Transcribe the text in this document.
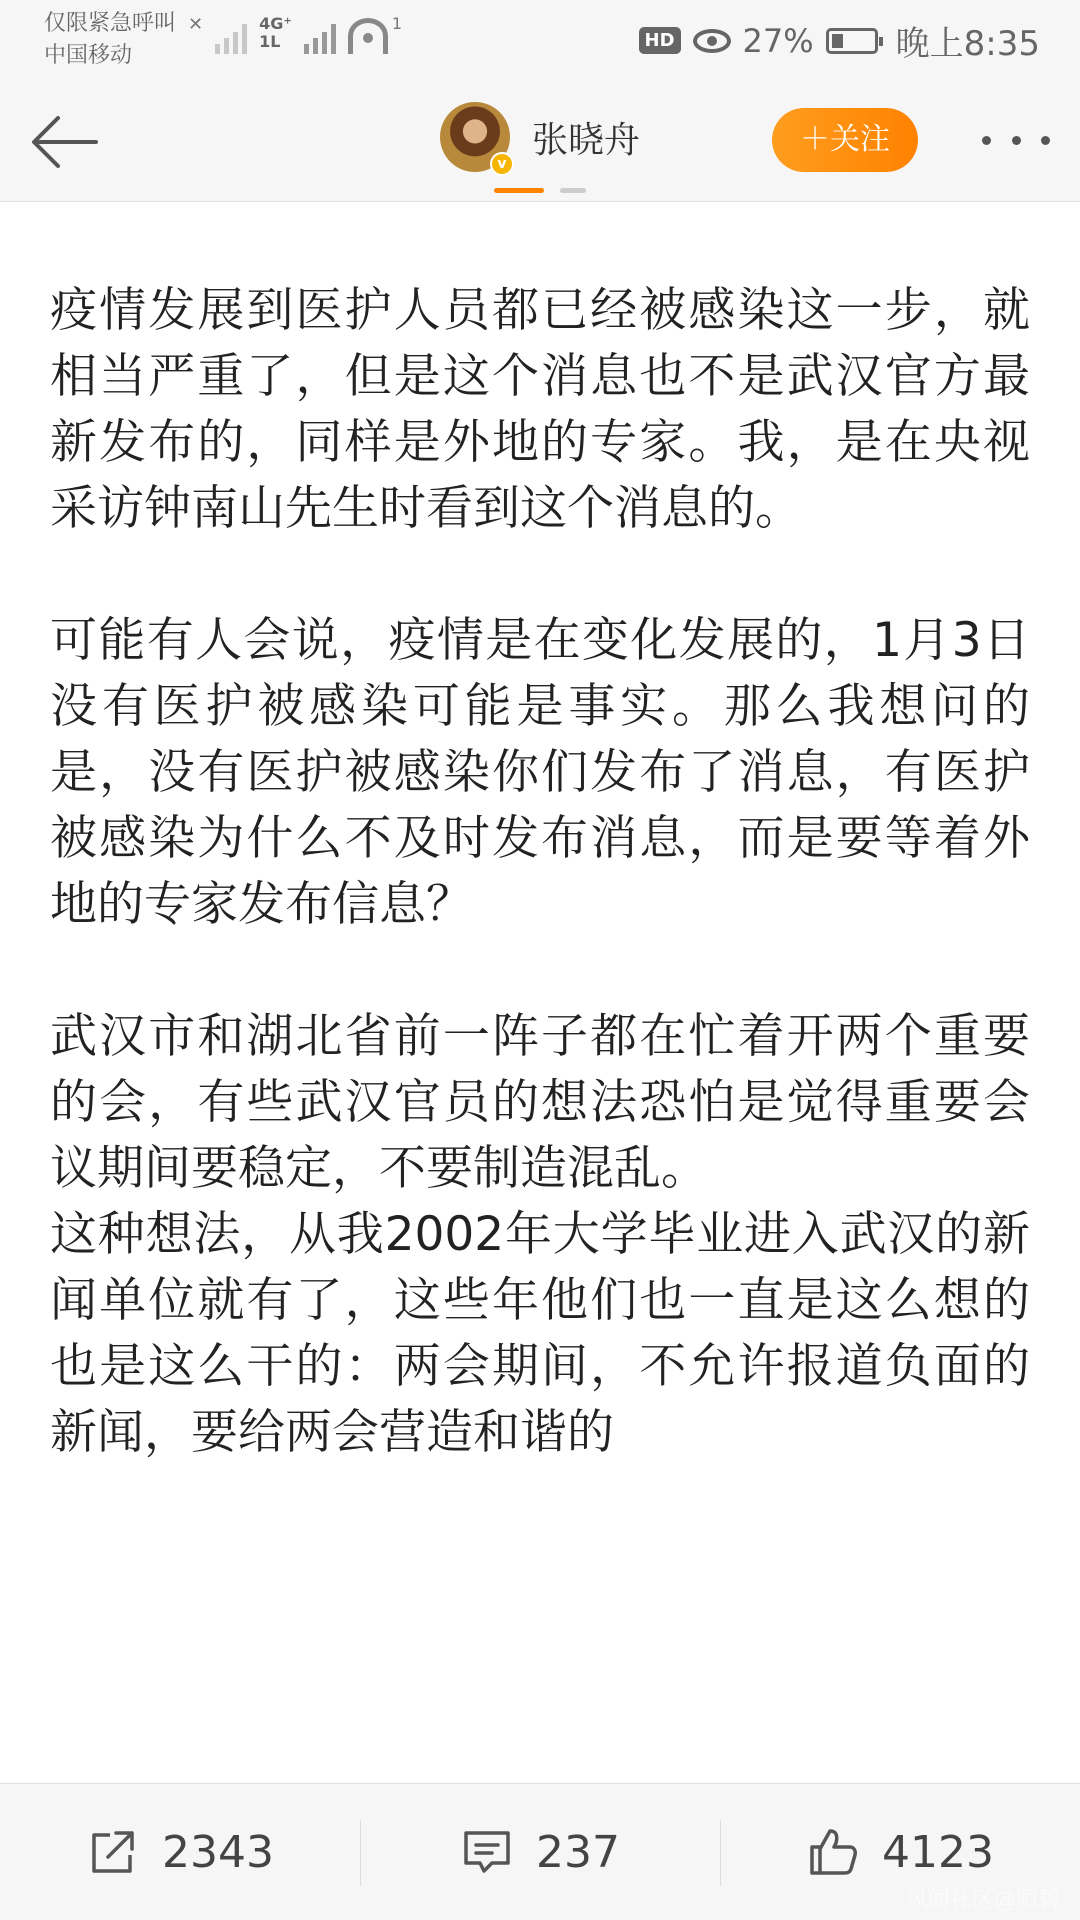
仅限紧急呼叫
中国移动
✕	4G⁺
1L
1
HD 27% 晚上8:35
v
张晓舟	＋关注

疫情发展到医护人员都已经被感染这一步，就相当严重了，但是这个消息也不是武汉官方最新发布的，同样是外地的专家。我，是在央视采访钟南山先生时看到这个消息的。

可能有人会说，疫情是在变化发展的，1月3日没有医护被感染可能是事实。那么我想问的是，没有医护被感染你们发布了消息，有医护被感染为什么不及时发布消息，而是要等着外地的专家发布信息？

武汉市和湖北省前一阵子都在忙着开两个重要的会，有些武汉官员的想法恐怕是觉得重要会议期间要稳定，不要制造混乱。

这种想法，从我2002年大学毕业进入武汉的新闻单位就有了，这些年他们也一直是这么想的也是这么干的：两会期间，不允许报道负面的新闻，要给两会营造和谐的

2343	237	4123
风闻社区@陌碧
